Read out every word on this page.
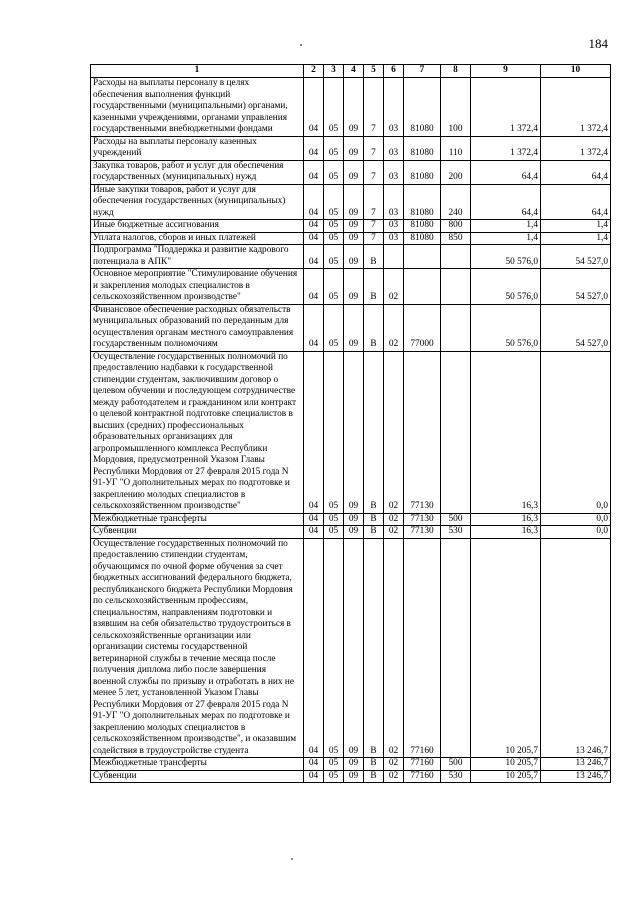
184
1	2	3	4	5	6	7	8	9	10
Расходы на выплаты персоналу в целях обеспечения выполнения функций государственными (муниципальными) органами, казенными учреждениями, органами управления государственными внебюджетными фондами	04	05	09	7	03	81080	100	1 372,4	1 372,4
Расходы на выплаты персоналу казенных учреждений	04	05	09	7	03	81080	110	1 372,4	1 372,4
Закупка товаров, работ и услуг для обеспечения государственных (муниципальных) нужд	04	05	09	7	03	81080	200	64,4	64,4
Иные закупки товаров, работ и услуг для обеспечения государственных (муниципальных) нужд	04	05	09	7	03	81080	240	64,4	64,4
Иные бюджетные ассигнования	04	05	09	7	03	81080	800	1,4	1,4
Уплата налогов, сборов и иных платежей	04	05	09	7	03	81080	850	1,4	1,4
Подпрограмма "Поддержка и развитие кадрового потенциала в АПК"	04	05	09	В				50 576,0	54 527,0
Основное мероприятие "Стимулирование обучения и закрепления молодых специалистов в сельскохозяйственном производстве"	04	05	09	В	02			50 576,0	54 527,0
Финансовое обеспечение расходных обязательств муниципальных образований по переданным для осуществления органам местного самоуправления государственным полномочиям	04	05	09	В	02	77000		50 576,0	54 527,0
Осуществление государственных полномочий по предоставлению надбавки к государственной стипендии студентам, заключившим договор о целевом обучении и последующем сотрудничестве между работодателем и гражданином или контракт о целевой контрактной подготовке специалистов в высших (средних) профессиональных образовательных организациях для агропромышленного комплекса Республики Мордовия, предусмотренной Указом Главы Республики Мордовия от 27 февраля 2015 года N 91-УГ "О дополнительных мерах по подготовке и закреплению молодых специалистов в сельскохозяйственном производстве"	04	05	09	В	02	77130		16,3	0,0
Межбюджетные трансферты	04	05	09	В	02	77130	500	16,3	0,0
Субвенции	04	05	09	В	02	77130	530	16,3	0,0
Осуществление государственных полномочий по предоставлению стипендии студентам, обучающимся по очной форме обучения за счет бюджетных ассигнований федерального бюджета, республиканского бюджета Республики Мордовия по сельскохозяйственным профессиям, специальностям, направлениям подготовки и взявшим на себя обязательство трудоустроиться в сельскохозяйственные организации или организации системы государственной ветеринарной службы в течение месяца после получения диплома либо после завершения военной службы по призыву и отработать в них не менее 5 лет, установленной Указом Главы Республики Мордовия от 27 февраля 2015 года N 91-УГ "О дополнительных мерах по подготовке и закреплению молодых специалистов в сельскохозяйственном производстве", и оказавшим содействия в трудоустройстве студента	04	05	09	В	02	77160		10 205,7	13 246,7
Межбюджетные трансферты	04	05	09	В	02	77160	500	10 205,7	13 246,7
Субвенции	04	05	09	В	02	77160	530	10 205,7	13 246,7
